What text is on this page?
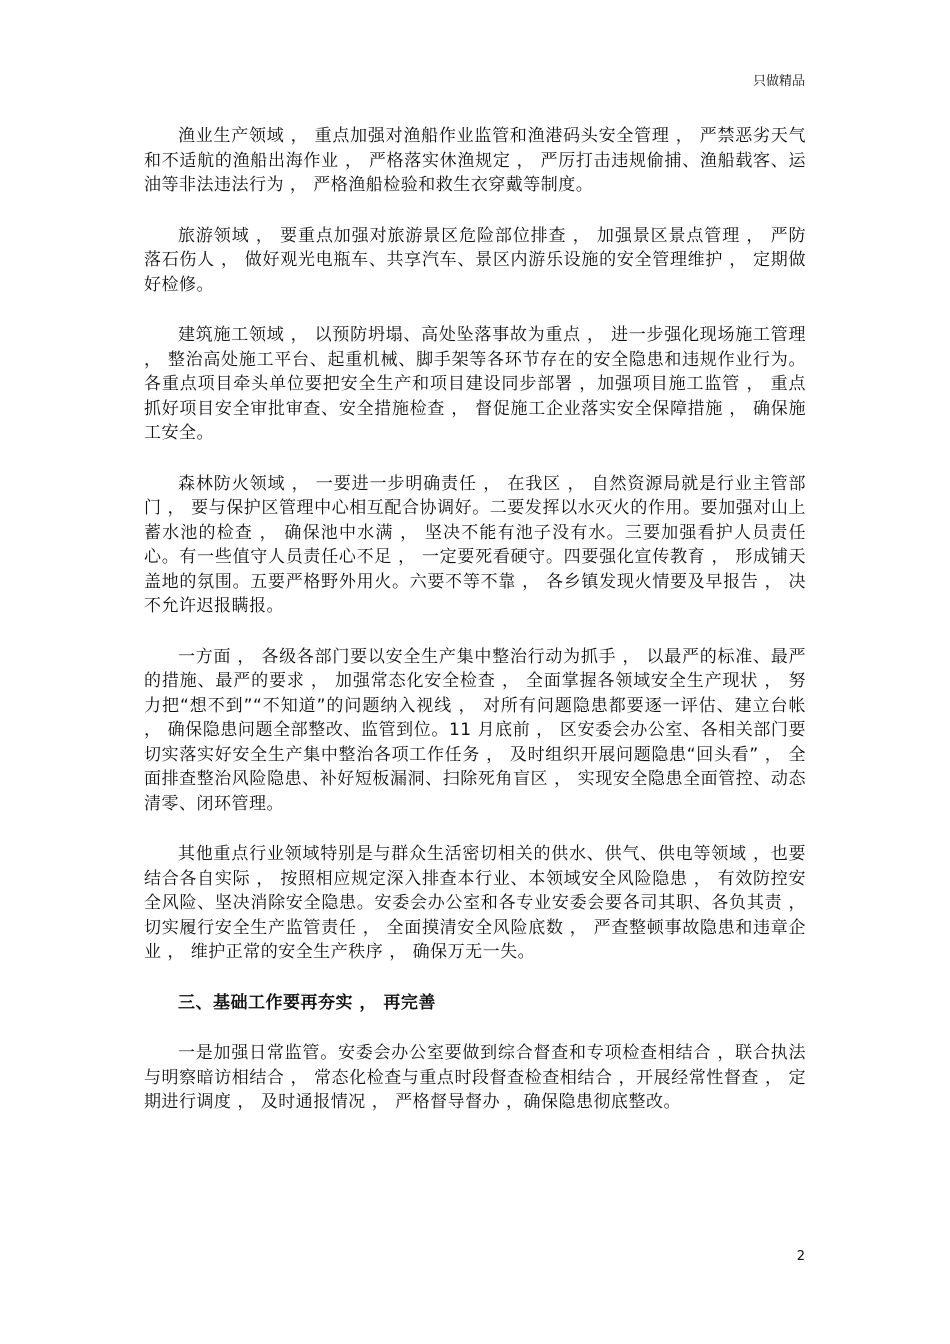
只做精品

渔业生产领域 ， 重点加强对渔船作业监管和渔港码头安全管理 ， 严禁恶劣天气和不适航的渔船出海作业 ， 严格落实休渔规定 ， 严厉打击违规偷捕、渔船载客、运油等非法违法行为 ， 严格渔船检验和救生衣穿戴等制度。

旅游领域 ， 要重点加强对旅游景区危险部位排查 ， 加强景区景点管理 ， 严防落石伤人 ， 做好观光电瓶车、共享汽车、景区内游乐设施的安全管理维护 ， 定期做好检修。

建筑施工领域 ， 以预防坍塌、高处坠落事故为重点 ， 进一步强化现场施工管理 ， 整治高处施工平台、起重机械、脚手架等各环节存在的安全隐患和违规作业行为。各重点项目牵头单位要把安全生产和项目建设同步部署 ，加强项目施工监管 ， 重点抓好项目安全审批审查、安全措施检查 ， 督促施工企业落实安全保障措施 ， 确保施工安全。

森林防火领域 ， 一要进一步明确责任 ， 在我区 ， 自然资源局就是行业主管部门 ， 要与保护区管理中心相互配合协调好。二要发挥以水灭火的作用。要加强对山上蓄水池的检查 ， 确保池中水满 ， 坚决不能有池子没有水。三要加强看护人员责任心。有一些值守人员责任心不足 ， 一定要死看硬守。四要强化宣传教育 ， 形成铺天盖地的氛围。五要严格野外用火。六要不等不靠 ， 各乡镇发现火情要及早报告 ， 决不允许迟报瞒报。

一方面 ， 各级各部门要以安全生产集中整治行动为抓手 ， 以最严的标准、最严的措施、最严的要求 ， 加强常态化安全检查 ， 全面掌握各领域安全生产现状 ， 努力把“想不到”“不知道”的问题纳入视线 ， 对所有问题隐患都要逐一评估、建立台帐 ， 确保隐患问题全部整改、监管到位。11 月底前 ， 区安委会办公室、各相关部门要切实落实好安全生产集中整治各项工作任务 ， 及时组织开展问题隐患“回头看” ， 全面排查整治风险隐患、补好短板漏洞、扫除死角盲区 ， 实现安全隐患全面管控、动态清零、闭环管理。

其他重点行业领域特别是与群众生活密切相关的供水、供气、供电等领域 ，也要结合各自实际 ， 按照相应规定深入排查本行业、本领域安全风险隐患 ， 有效防控安全风险、坚决消除安全隐患。安委会办公室和各专业安委会要各司其职、各负其责 ， 切实履行安全生产监管责任 ， 全面摸清安全风险底数 ， 严查整顿事故隐患和违章企业 ， 维护正常的安全生产秩序 ， 确保万无一失。

三、基础工作要再夯实 ， 再完善

一是加强日常监管。安委会办公室要做到综合督查和专项检查相结合 ，联合执法与明察暗访相结合 ， 常态化检查与重点时段督查检查相结合 ，开展经常性督查 ， 定期进行调度 ， 及时通报情况 ， 严格督导督办 ，确保隐患彻底整改。

2
